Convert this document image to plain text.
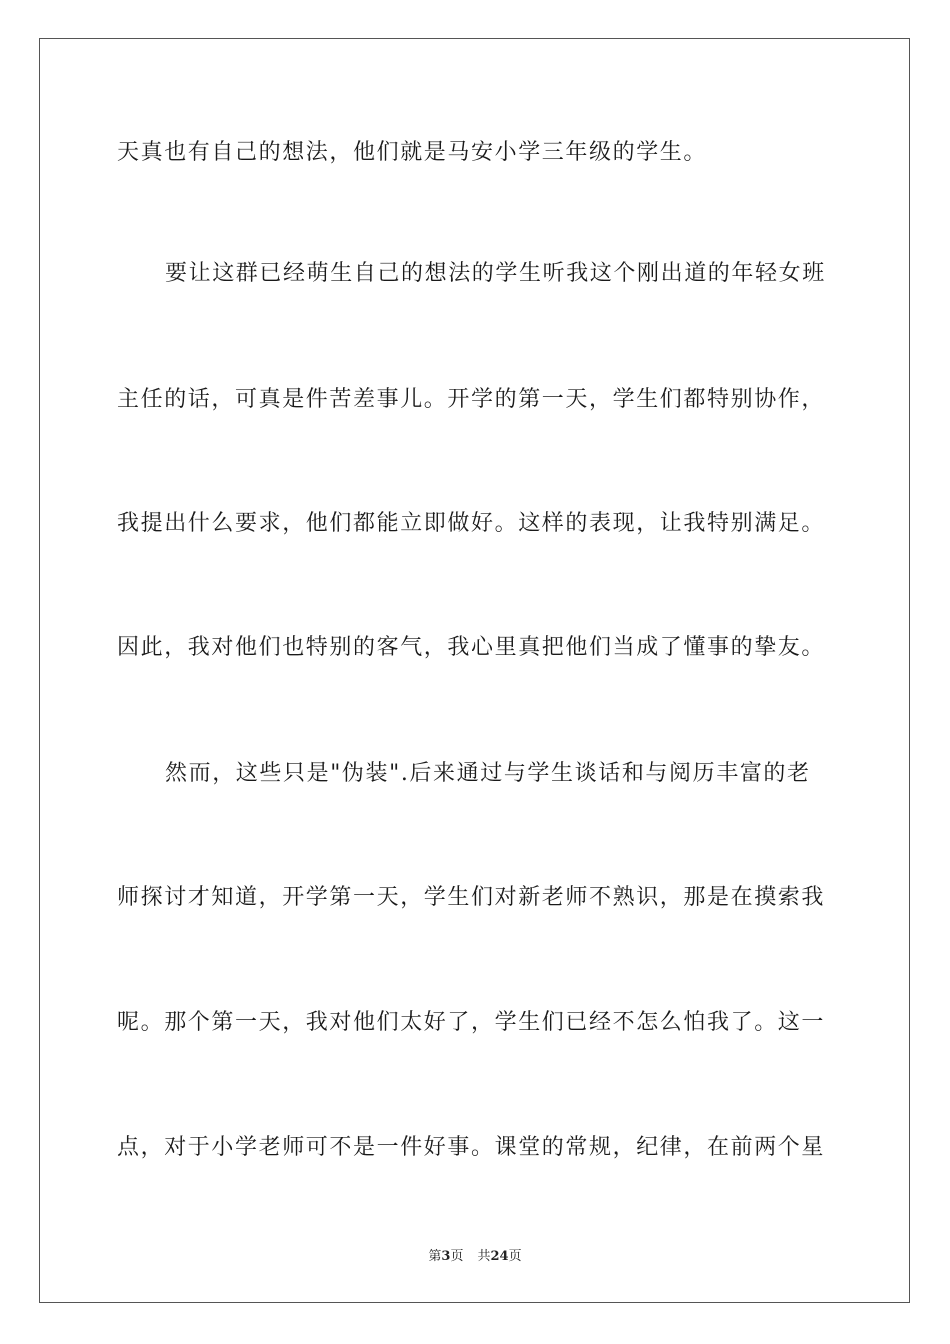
天真也有自己的想法，他们就是马安小学三年级的学生。
要让这群已经萌生自己的想法的学生听我这个刚出道的年轻女班
主任的话，可真是件苦差事儿。开学的第一天，学生们都特别协作，
我提出什么要求，他们都能立即做好。这样的表现，让我特别满足。
因此，我对他们也特别的客气，我心里真把他们当成了懂事的挚友。
然而，这些只是"伪装".后来通过与学生谈话和与阅历丰富的老
师探讨才知道，开学第一天，学生们对新老师不熟识，那是在摸索我
呢。那个第一天，我对他们太好了，学生们已经不怎么怕我了。这一
点，对于小学老师可不是一件好事。课堂的常规，纪律，在前两个星
第3页 共24页
